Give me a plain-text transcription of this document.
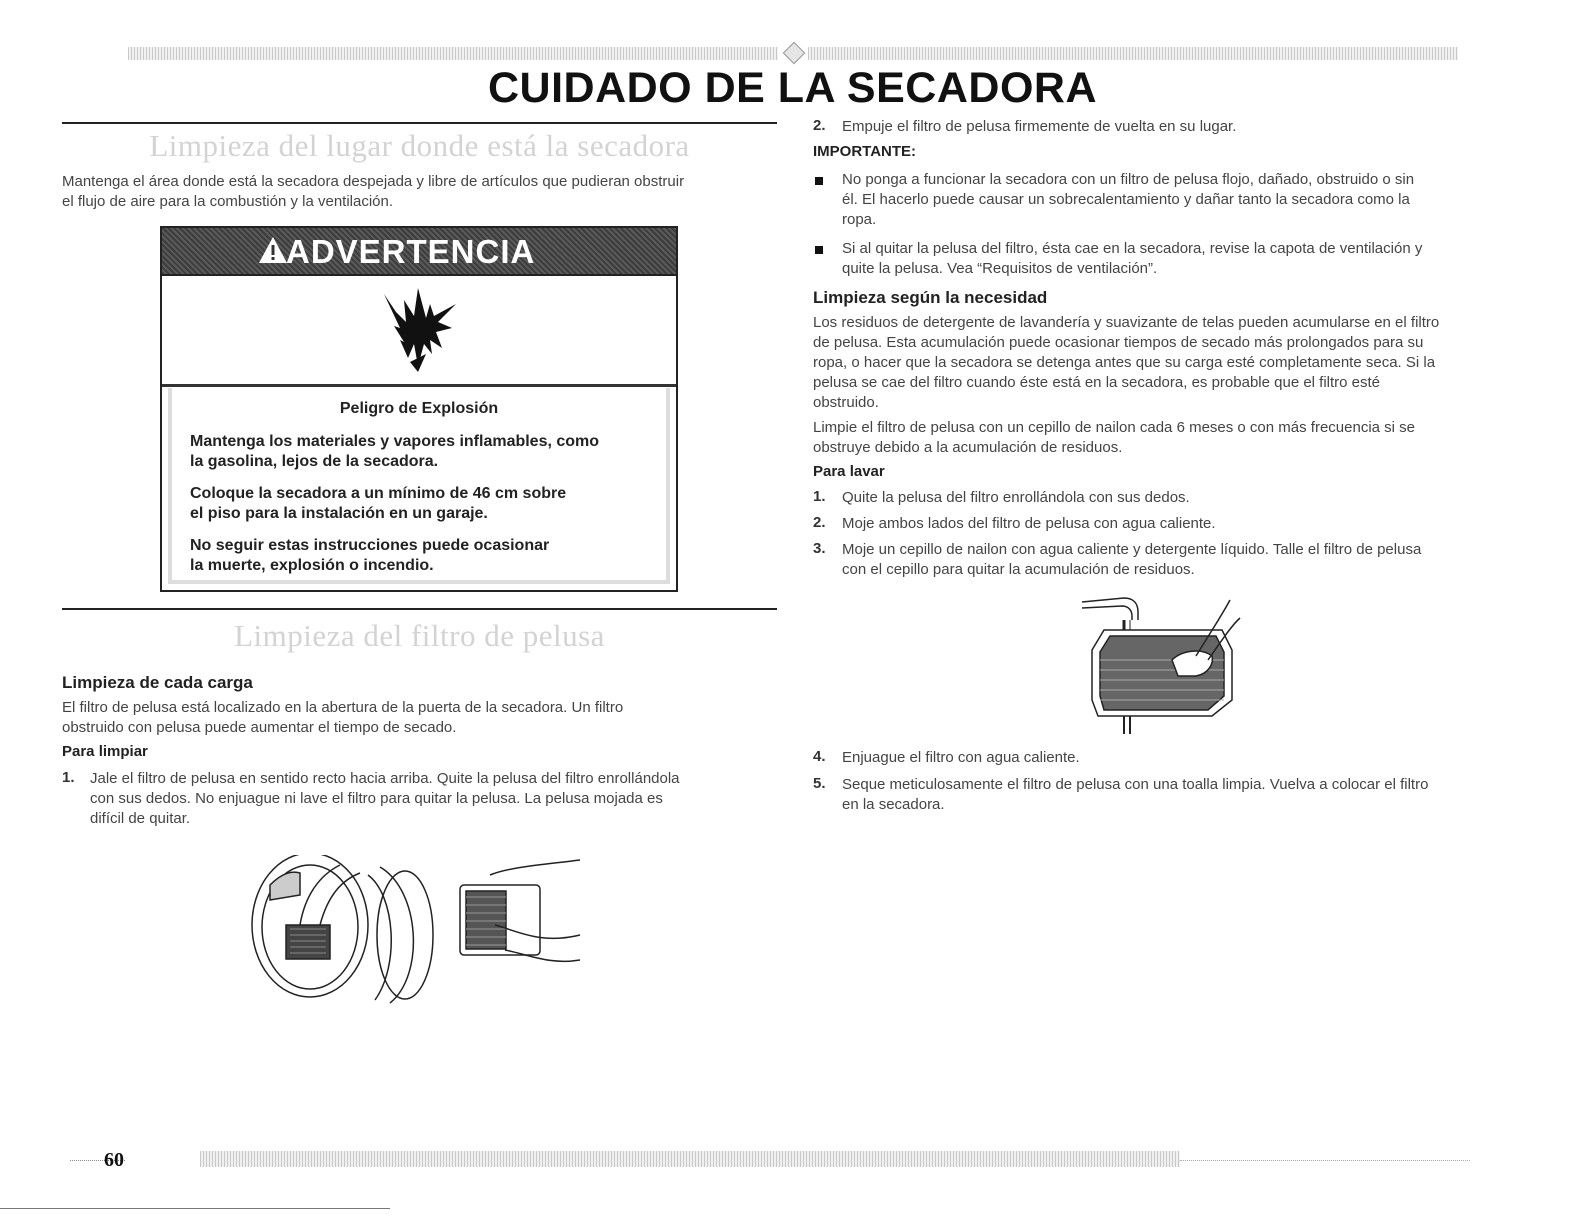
CUIDADO DE LA SECADORA
Limpieza del lugar donde está la secadora
Mantenga el área donde está la secadora despejada y libre de artículos que pudieran obstruir
el flujo de aire para la combustión y la ventilación.
ADVERTENCIA
Peligro de Explosión
Mantenga los materiales y vapores inflamables, como
la gasolina, lejos de la secadora.
Coloque la secadora a un mínimo de 46 cm sobre
el piso para la instalación en un garaje.
No seguir estas instrucciones puede ocasionar
la muerte, explosión o incendio.
Limpieza del filtro de pelusa
Limpieza de cada carga
El filtro de pelusa está localizado en la abertura de la puerta de la secadora. Un filtro
obstruido con pelusa puede aumentar el tiempo de secado.
Para limpiar
1. Jale el filtro de pelusa en sentido recto hacia arriba. Quite la pelusa del filtro enrollándola
con sus dedos. No enjuague ni lave el filtro para quitar la pelusa. La pelusa mojada es
difícil de quitar.
2. Empuje el filtro de pelusa firmemente de vuelta en su lugar.
IMPORTANTE:
No ponga a funcionar la secadora con un filtro de pelusa flojo, dañado, obstruido o sin
él. El hacerlo puede causar un sobrecalentamiento y dañar tanto la secadora como la
ropa.
Si al quitar la pelusa del filtro, ésta cae en la secadora, revise la capota de ventilación y
quite la pelusa. Vea “Requisitos de ventilación”.
Limpieza según la necesidad
Los residuos de detergente de lavandería y suavizante de telas pueden acumularse en el filtro
de pelusa. Esta acumulación puede ocasionar tiempos de secado más prolongados para su
ropa, o hacer que la secadora se detenga antes que su carga esté completamente seca. Si la
pelusa se cae del filtro cuando éste está en la secadora, es probable que el filtro esté
obstruido.
Limpie el filtro de pelusa con un cepillo de nailon cada 6 meses o con más frecuencia si se
obstruye debido a la acumulación de residuos.
Para lavar
1. Quite la pelusa del filtro enrollándola con sus dedos.
2. Moje ambos lados del filtro de pelusa con agua caliente.
3. Moje un cepillo de nailon con agua caliente y detergente líquido. Talle el filtro de pelusa
con el cepillo para quitar la acumulación de residuos.
4. Enjuague el filtro con agua caliente.
5. Seque meticulosamente el filtro de pelusa con una toalla limpia. Vuelva a colocar el filtro
en la secadora.
60
